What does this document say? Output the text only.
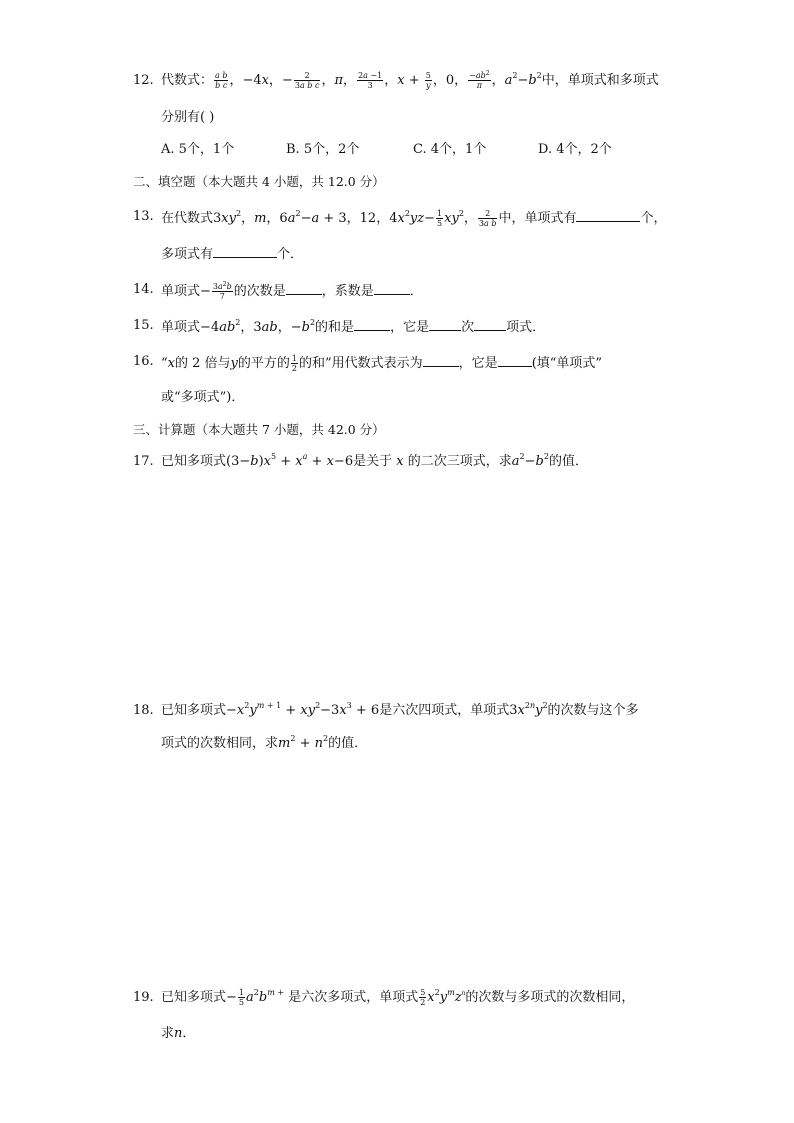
12. 代数式： $\frac{\text{a b}}{\text{b c}}$ ，−4x，− $\frac{2}{\text{3a b c}}$ ，π， $\frac{2a -1}{3}$ ，$x + \frac{5}{y}$ ，0， $\frac{-ab^2}{\pi}$ ，$a^2-b^2$中，单项式和多项式
分别有( )
A. 5个，1个	B. 5个，2个	C. 4个，1个	D. 4个，2个
二、填空题（本大题共 4 小题，共 12.0 分）
13. 在代数式$3xy^2$，m，$6a^2-a + 3$，12，$4x^2yz- \frac{1}{5} xy^2$， $\frac{2}{\text{3a b}}$ 中，单项式有	个，
多项式有	个．
14. 单项式− $\frac{3a^2b}{7}$ 的次数是	，系数是	．
15. 单项式$-4ab^2$，3ab，$-b^2$的和是	，它是 次 项式．
16. “x的 2 倍与y的平方的 $\frac{1}{2}$ 的和”用代数式表示为	，它是	(填“单项式”
或“多项式”)．
三、计算题（本大题共 7 小题，共 42.0 分）
17. 已知多项式$(3-b)x^5 + x^a + x-6$是关于 x 的二次三项式，求$a^2-b^2$的值．
18. 已知多项式$-x^2y^{m + 1} + xy^2-3x^3 + 6$是六次四项式，单项式$3x^{2n}y^2$的次数与这个多
项式的次数相同，求$m^2 + n^2$的值．
19. 已知多项式− $\frac{1}{5} a^2b^{m +}$ 是六次多项式，单项式 $\frac{5}{2} x^2y^mz^n$的次数与多项式的次数相同，
求n．
